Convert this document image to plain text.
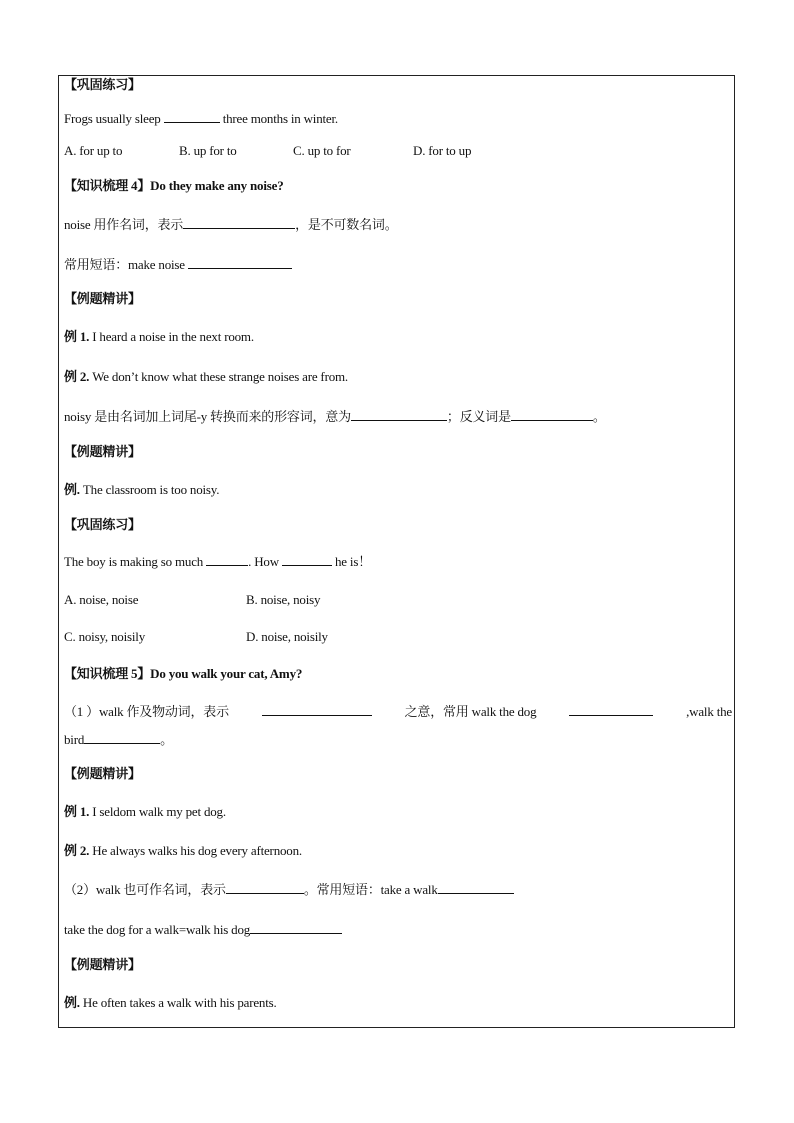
【巩固练习】
Frogs usually sleep	three months in winter.
A. for up to	B. up for to	C. up to for	D. for to up
【知识梳理 4】Do they make any noise?
noise 用作名词，表示	，是不可数名词。
常用短语：make noise
【例题精讲】
例 1. I heard a noise in the next room.
例 2. We don’t know what these strange noises are from.
noisy 是由名词加上词尾-y 转换而来的形容词，意为	；反义词是	。
【例题精讲】
例. The classroom is too noisy.
【巩固练习】
The boy is making so much	. How	he is！
A. noise, noise	B. noise, noisy
C. noisy, noisily	D. noise, noisily
【知识梳理 5】Do you walk your cat, Amy?
（1 ）walk 作及物动词，表示	之意，常用 walk the dog	,walk the
bird	。
【例题精讲】
例 1. I seldom walk my pet dog.
例 2. He always walks his dog every afternoon.
（2）walk 也可作名词，表示	。常用短语：take a walk
take the dog for a walk=walk his dog
【例题精讲】
例. He often takes a walk with his parents.
